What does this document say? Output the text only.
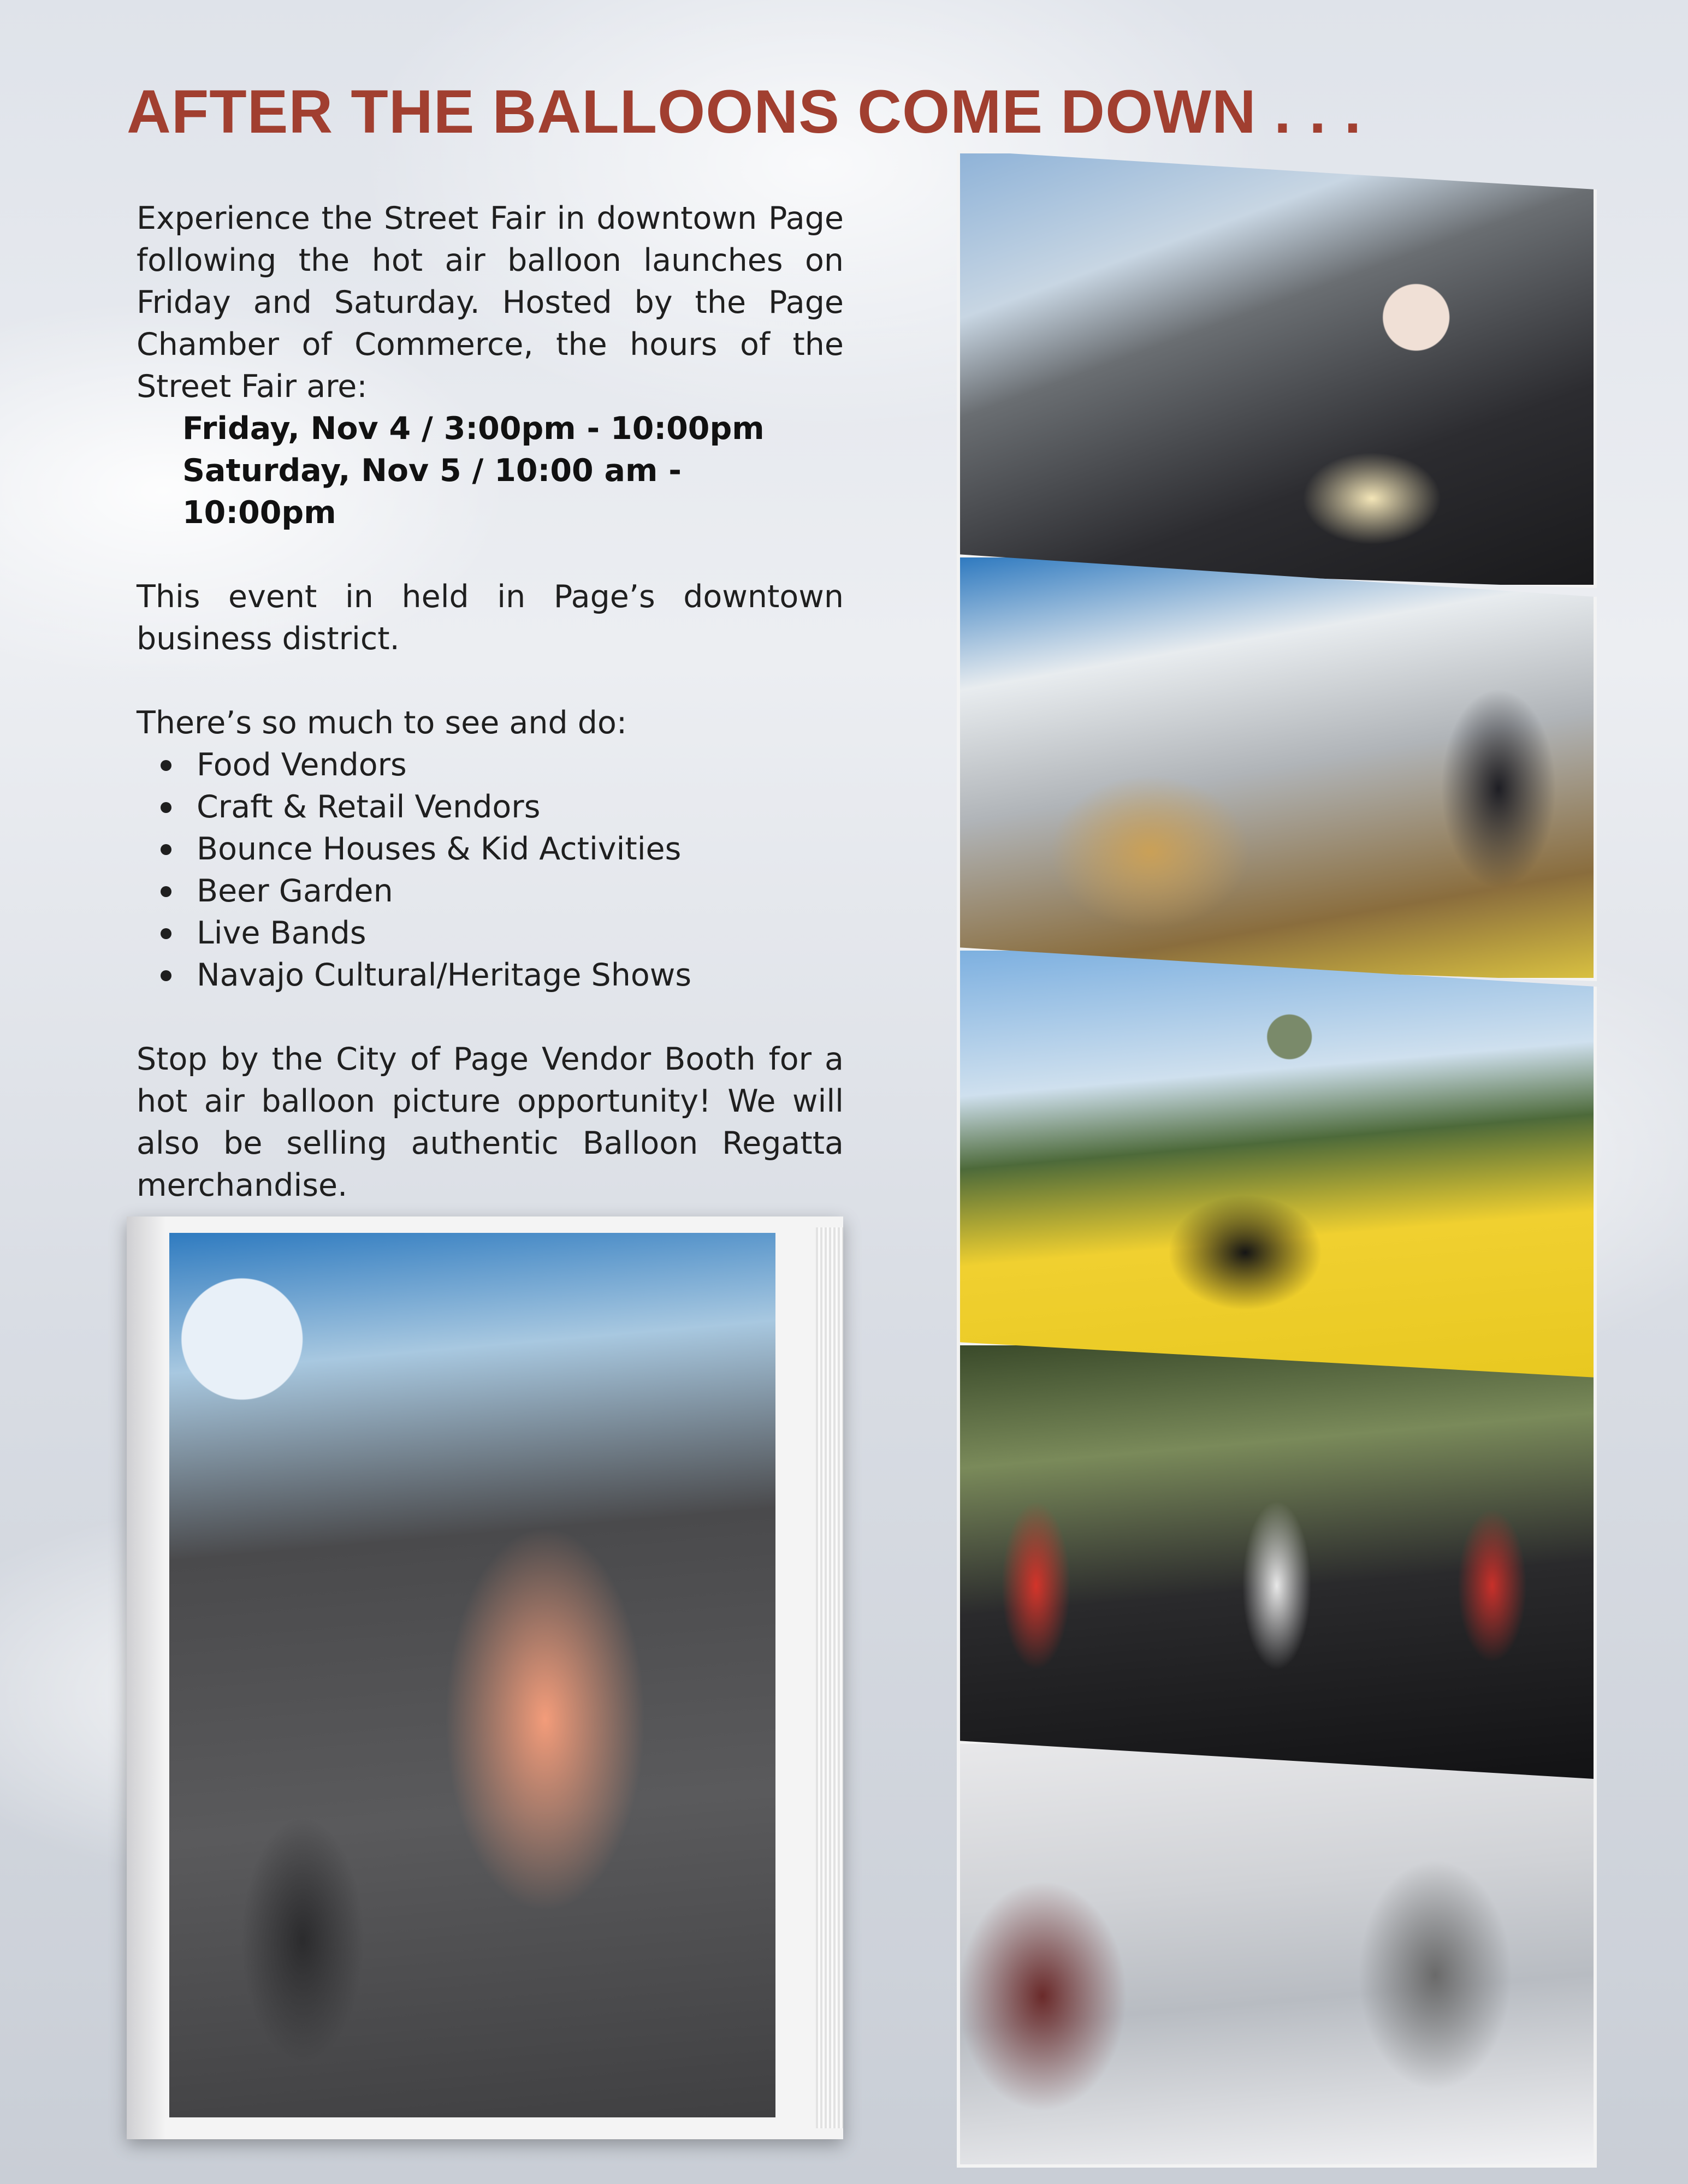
AFTER THE BALLOONS COME DOWN . . .

Experience the Street Fair in downtown Page following the hot air balloon launches on Friday and Saturday. Hosted by the Page Chamber of Commerce, the hours of the Street Fair are:

Friday, Nov 4 / 3:00pm - 10:00pm

Saturday, Nov 5 / 10:00 am - 10:00pm

This event in held in Page’s downtown business district.

There’s so much to see and do:

Food Vendors
Craft & Retail Vendors
Bounce Houses & Kid Activities
Beer Garden
Live Bands
Navajo Cultural/Heritage Shows

Stop by the City of Page Vendor Booth for a hot air balloon picture opportunity! We will also be selling authentic Balloon Regatta merchandise.
